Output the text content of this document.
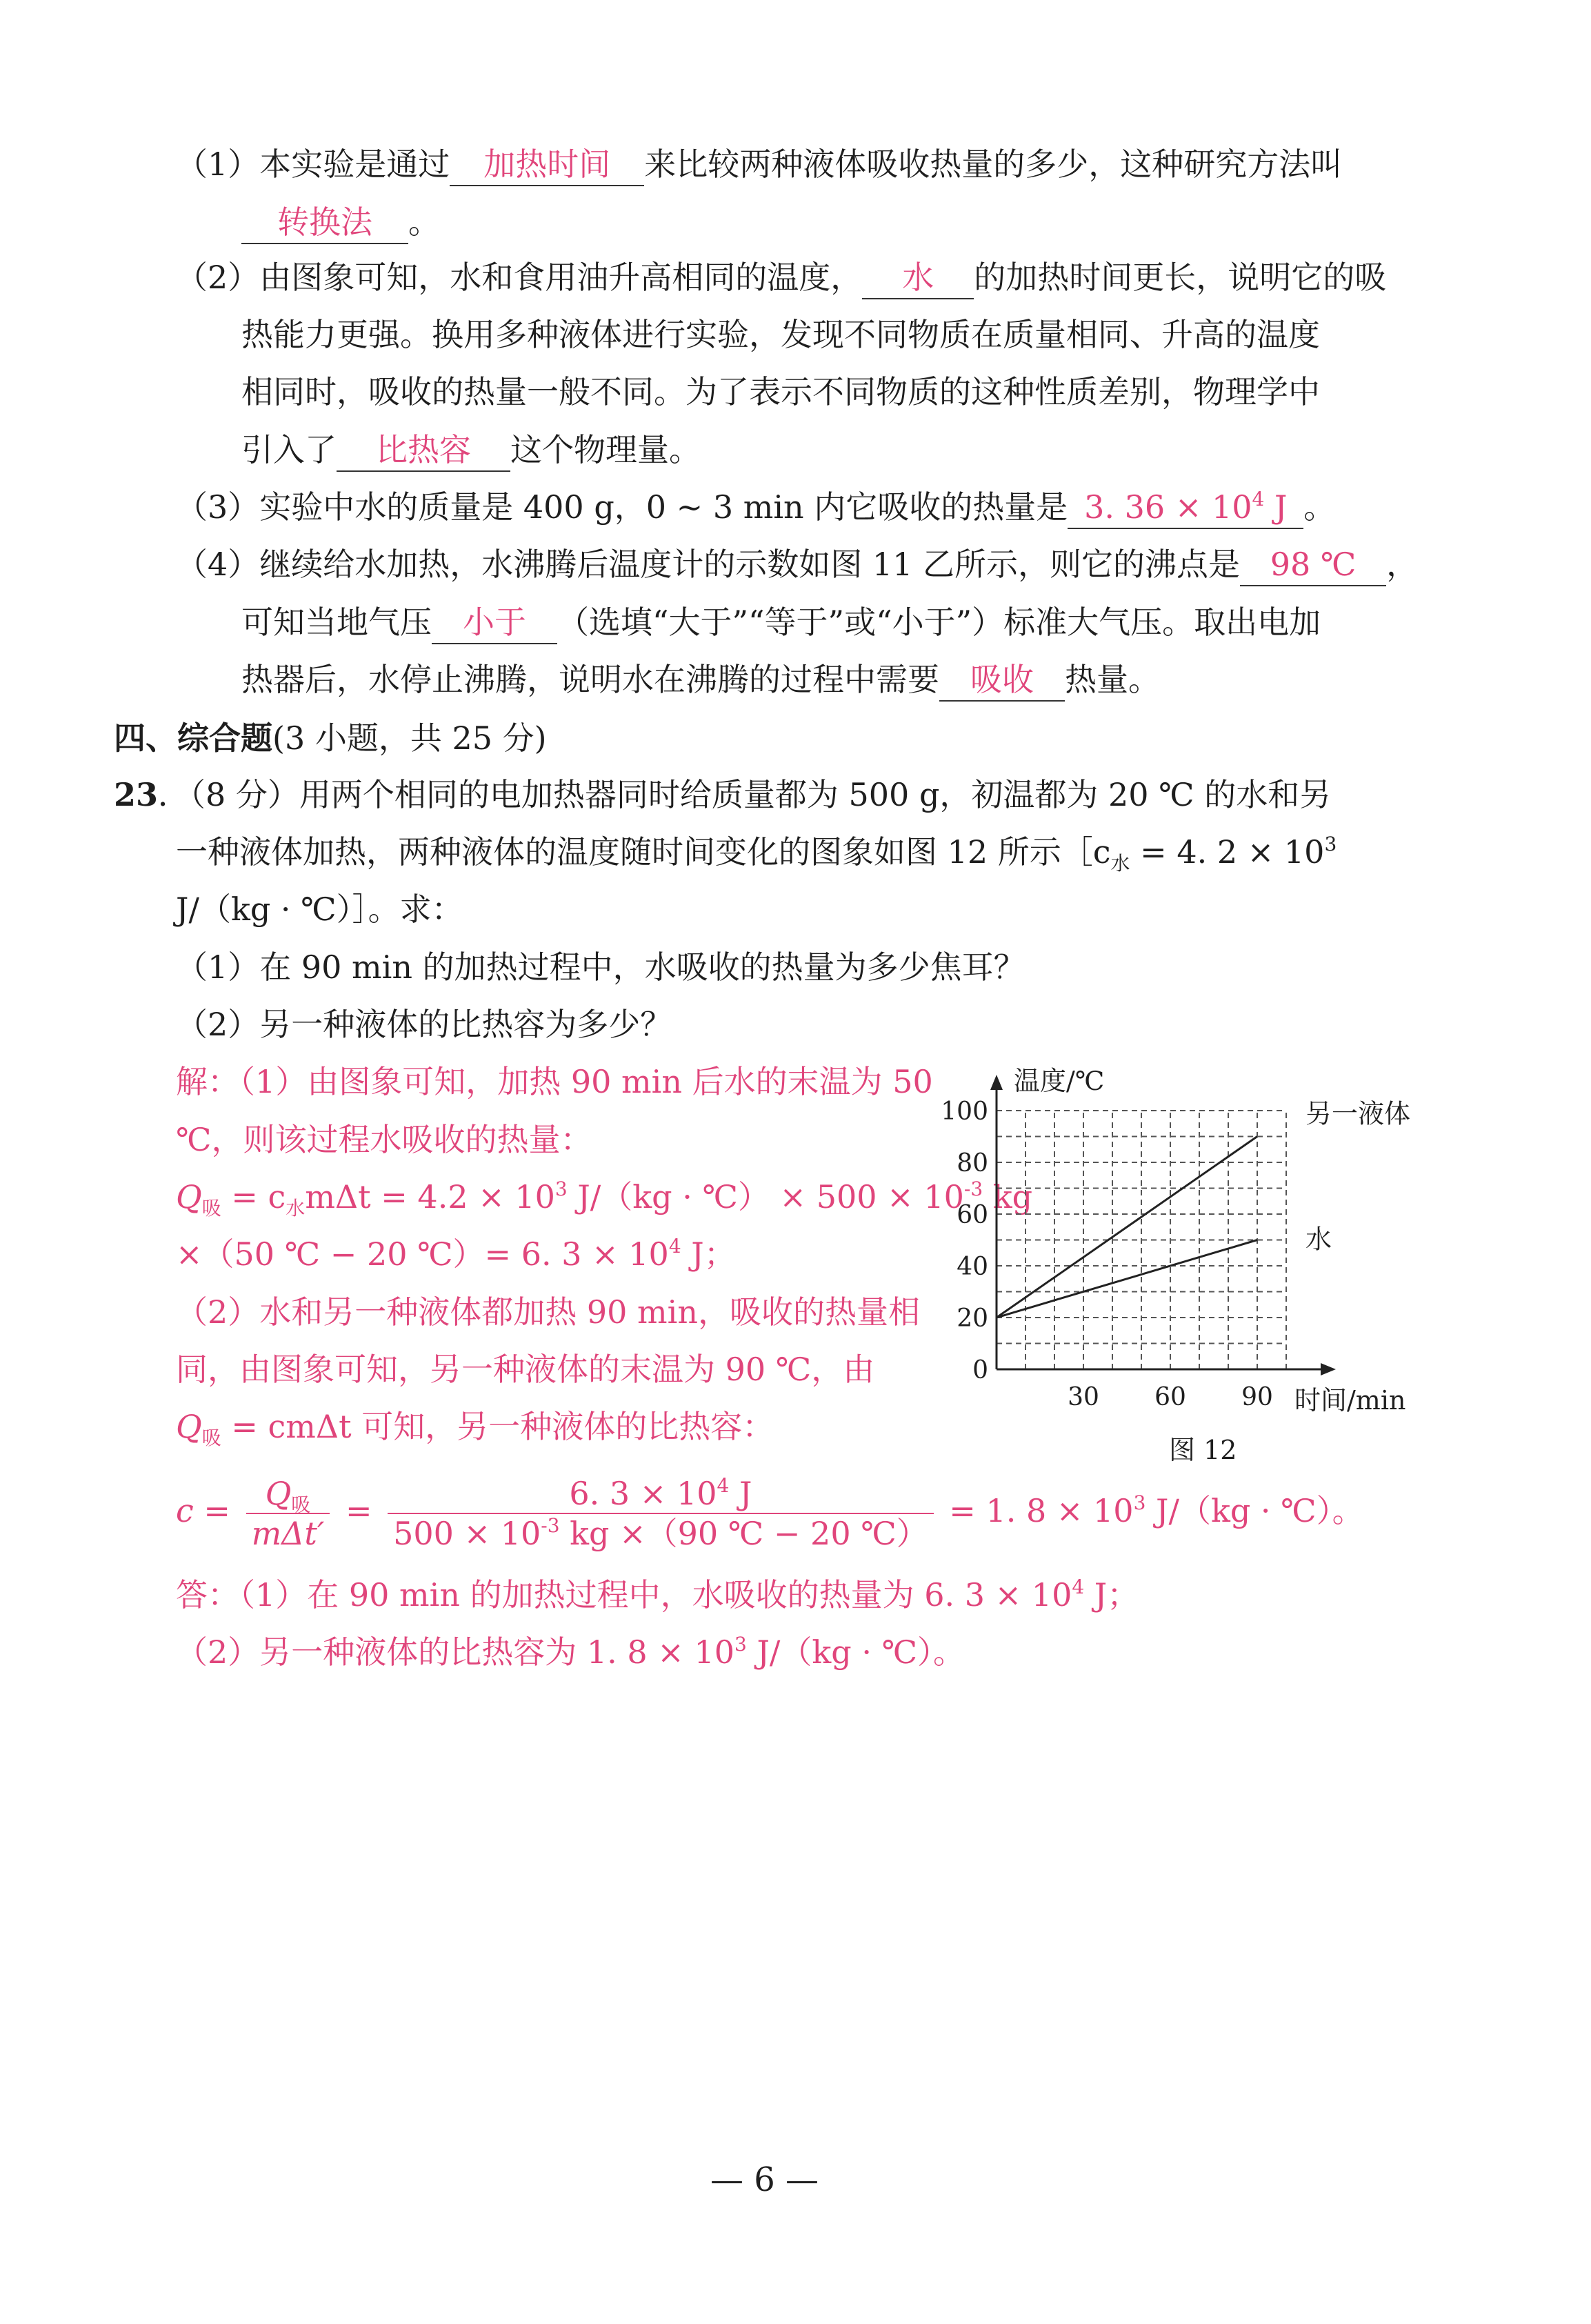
（1）本实验是通过 加热时间 来比较两种液体吸收热量的多少，这种研究方法叫
转换法 。
（2）由图象可知，水和食用油升高相同的温度， 水 的加热时间更长，说明它的吸
热能力更强。换用多种液体进行实验，发现不同物质在质量相同、升高的温度
相同时，吸收的热量一般不同。为了表示不同物质的这种性质差别，物理学中
引入了 比热容 这个物理量。
（3）实验中水的质量是 400 g，0 ~ 3 min 内它吸收的热量是 3. $36 \times 10^4$ J 。
（4）继续给水加热，水沸腾后温度计的示数如图 11 乙所示，则它的沸点是 98 ℃ ，
可知当地气压 小于 （选填“大于”“等于”或“小于”）标准大气压。取出电加
热器后，水停止沸腾，说明水在沸腾的过程中需要 吸收 热量。
四、综合题(3 小题，共 25 分)
23．（8 分）用两个相同的电加热器同时给质量都为 500 g，初温都为 20 ℃ 的水和另
一种液体加热，两种液体的温度随时间变化的图象如图 12 所示$[c_水 = 4$. $2 \times 10^3$
J/（kg · ℃）］。求：
（1）在 90 min 的加热过程中，水吸收的热量为多少焦耳？
（2）另一种液体的比热容为多少？
解：（1）由图象可知，加热 90 min 后水的末温为 50
℃，则该过程水吸收的热量：
$Q_吸 = c_水m\Delta t = 4.2 \times 10^3$ J/（kg · ℃） × $500 \times 10^{-3}$ kg
×（50 ℃ − 20 ℃）= 6. $3 \times 10^4$ J；
（2）水和另一种液体都加热 90 min，吸收的热量相
同，由图象可知，另一种液体的末温为 90 ℃，由
$Q_吸 = cm\Delta t$ 可知，另一种液体的比热容：
$c = \frac{Q_吸}{\text{mΔt′}} = \frac{6. 3 \times 10^4 J}{500 \times 10^{-3} kg \times(90 ℃ - 20 ℃)} = 1$. $8 \times 10^3$ J/（kg · ℃）。
答：（1）在 90 min 的加热过程中，水吸收的热量为 6. $3 \times 10^4$ J；
（2）另一种液体的比热容为 1. $8 \times 10^3$ J/（kg · ℃）。
0
20
40
60
80
100
30 60 90
另一液体
水
温度/℃
时间/min
图 12
— 6 —
